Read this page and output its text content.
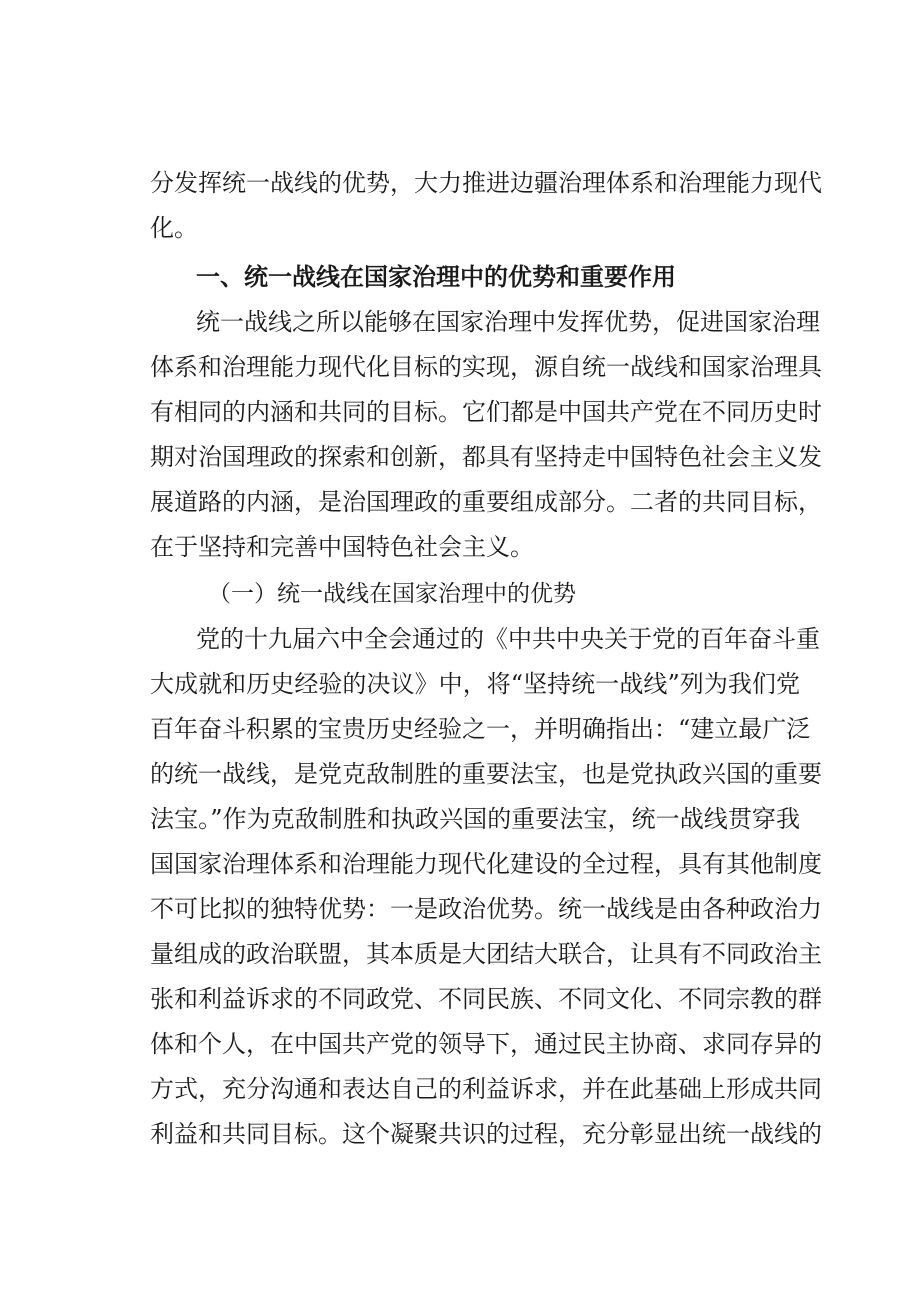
分发挥统一战线的优势，大力推进边疆治理体系和治理能力现代
化。
一、统一战线在国家治理中的优势和重要作用
统一战线之所以能够在国家治理中发挥优势，促进国家治理
体系和治理能力现代化目标的实现，源自统一战线和国家治理具
有相同的内涵和共同的目标。它们都是中国共产党在不同历史时
期对治国理政的探索和创新，都具有坚持走中国特色社会主义发
展道路的内涵，是治国理政的重要组成部分。二者的共同目标，
在于坚持和完善中国特色社会主义。
（一）统一战线在国家治理中的优势
党的十九届六中全会通过的《中共中央关于党的百年奋斗重
大成就和历史经验的决议》中，将“坚持统一战线”列为我们党
百年奋斗积累的宝贵历史经验之一，并明确指出：“建立最广泛
的统一战线，是党克敌制胜的重要法宝，也是党执政兴国的重要
法宝。”作为克敌制胜和执政兴国的重要法宝，统一战线贯穿我
国国家治理体系和治理能力现代化建设的全过程，具有其他制度
不可比拟的独特优势：一是政治优势。统一战线是由各种政治力
量组成的政治联盟，其本质是大团结大联合，让具有不同政治主
张和利益诉求的不同政党、不同民族、不同文化、不同宗教的群
体和个人，在中国共产党的领导下，通过民主协商、求同存异的
方式，充分沟通和表达自己的利益诉求，并在此基础上形成共同
利益和共同目标。这个凝聚共识的过程，充分彰显出统一战线的
